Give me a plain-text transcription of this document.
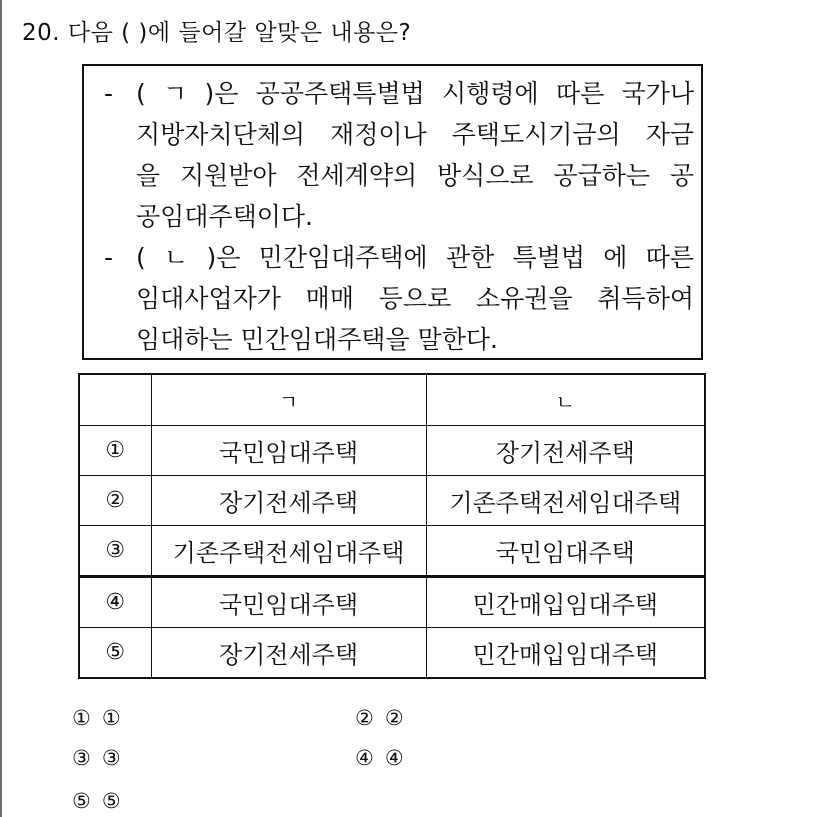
20. 다음 ( )에 들어갈 알맞은 내용은?
- ( ㄱ )은 공공주택특별법 시행령에 따른 국가나
지방자치단체의 재정이나 주택도시기금의 자금
을 지원받아 전세계약의 방식으로 공급하는 공
공임대주택이다.
- ( ㄴ )은 민간임대주택에 관한 특별법 에 따른
임대사업자가 매매 등으로 소유권을 취득하여
임대하는 민간임대주택을 말한다.
	ㄱ	ㄴ
①	국민임대주택	장기전세주택
②	장기전세주택	기존주택전세임대주택
③	기존주택전세임대주택	국민임대주택
④	국민임대주택	민간매입임대주택
⑤	장기전세주택	민간매입임대주택
① ①	② ②
③ ③	④ ④
⑤ ⑤
